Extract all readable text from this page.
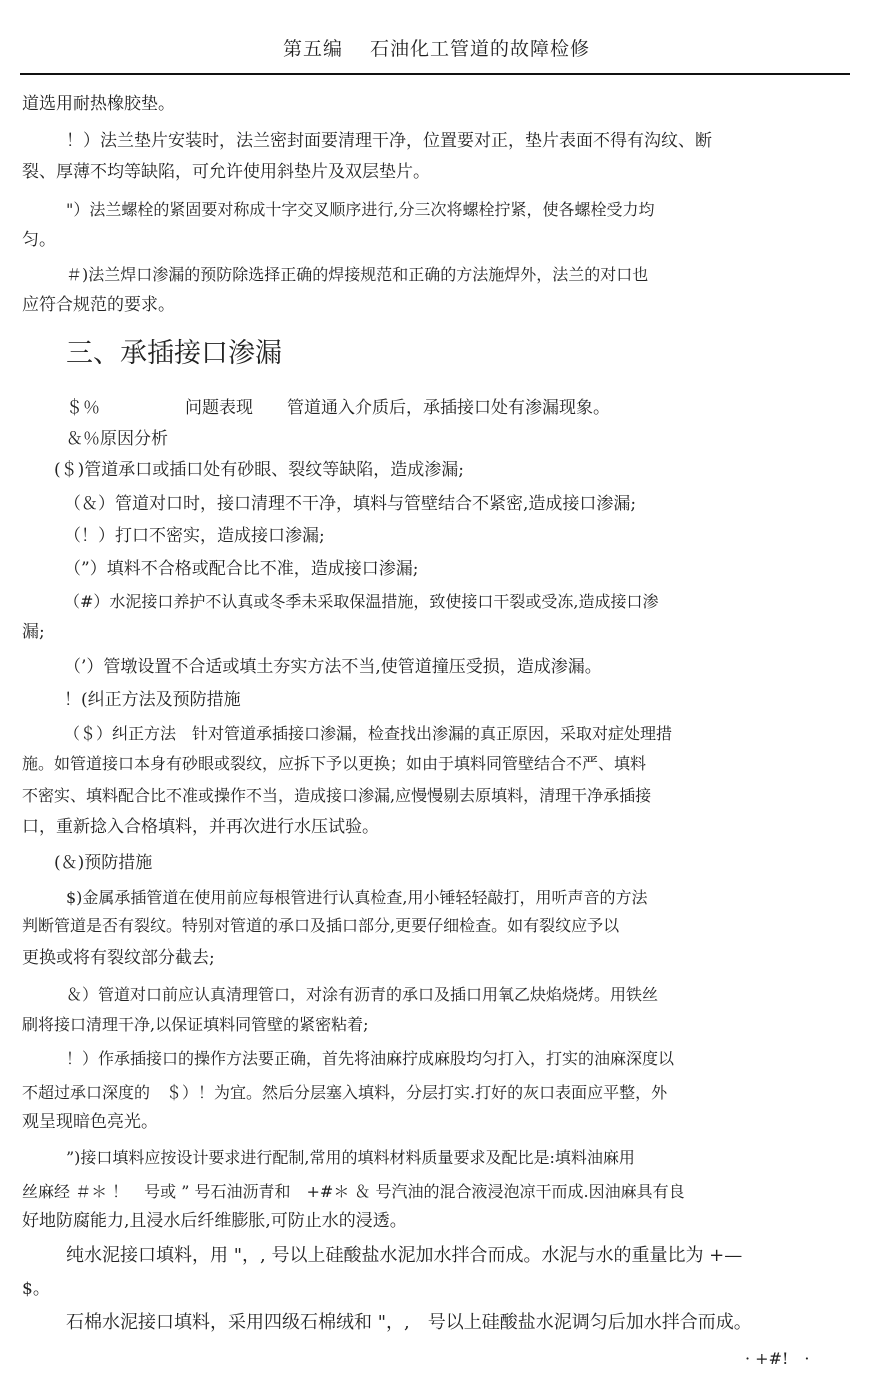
第五编　 石油化工管道的故障检修
道选用耐热橡胶垫。
！）法兰垫片安装时，法兰密封面要清理干净，位置要对正，垫片表面不得有沟纹、断
裂、厚薄不均等缺陷，可允许使用斜垫片及双层垫片。
"）法兰螺栓的紧固要对称成十字交叉顺序进行,分三次将螺栓拧紧，使各螺栓受力均
匀。
＃)法兰焊口渗漏的预防除选择正确的焊接规范和正确的方法施焊外，法兰的对口也
应符合规范的要求。
三、承插接口渗漏
＄％　　　　　问题表现　　管道通入介质后，承插接口处有渗漏现象。
＆％原因分析
(＄)管道承口或插口处有砂眼、裂纹等缺陷，造成渗漏;
（＆）管道对口时，接口清理不干净，填料与管壁结合不紧密,造成接口渗漏;
（！）打口不密实，造成接口渗漏;
（”）填料不合格或配合比不准，造成接口渗漏;
（#）水泥接口养护不认真或冬季未采取保温措施，致使接口干裂或受冻,造成接口渗
漏;
（’）管墩设置不合适或填土夯实方法不当,使管道撞压受损，造成渗漏。
！(纠正方法及预防措施
（＄）纠正方法　针对管道承插接口渗漏，检查找出渗漏的真正原因，采取对症处理措
施。如管道接口本身有砂眼或裂纹，应拆下予以更换；如由于填料同管壁结合不严、填料
不密实、填料配合比不准或操作不当，造成接口渗漏,应慢慢剔去原填料，清理干净承插接
口，重新捻入合格填料，并再次进行水压试验。
(＆)预防措施
$)金属承插管道在使用前应每根管进行认真检查,用小锤轻轻敲打，用听声音的方法
判断管道是否有裂纹。特别对管道的承口及插口部分,更要仔细检查。如有裂纹应予以
更换或将有裂纹部分截去;
＆）管道对口前应认真清理管口，对涂有沥青的承口及插口用氧乙炔焰烧烤。用铁丝
刷将接口清理干净,以保证填料同管壁的紧密粘着;
！）作承插接口的操作方法要正确，首先将油麻拧成麻股均匀打入，打实的油麻深度以
不超过承口深度的　＄）！为宜。然后分层塞入填料，分层打实.打好的灰口表面应平整，外
观呈现暗色亮光。
”)接口填料应按设计要求进行配制,常用的填料材料质量要求及配比是:填料油麻用
丝麻经 ＃＊ ！　号或 ” 号石油沥青和　+#＊ ＆ 号汽油的混合液浸泡凉干而成.因油麻具有良
好地防腐能力,且浸水后纤维膨胀,可防止水的浸透。
纯水泥接口填料，用 "，, 号以上硅酸盐水泥加水拌合而成。水泥与水的重量比为 +—
$。
石棉水泥接口填料，采用四级石棉绒和 "，,　号以上硅酸盐水泥调匀后加水拌合而成。
· +#!　·
